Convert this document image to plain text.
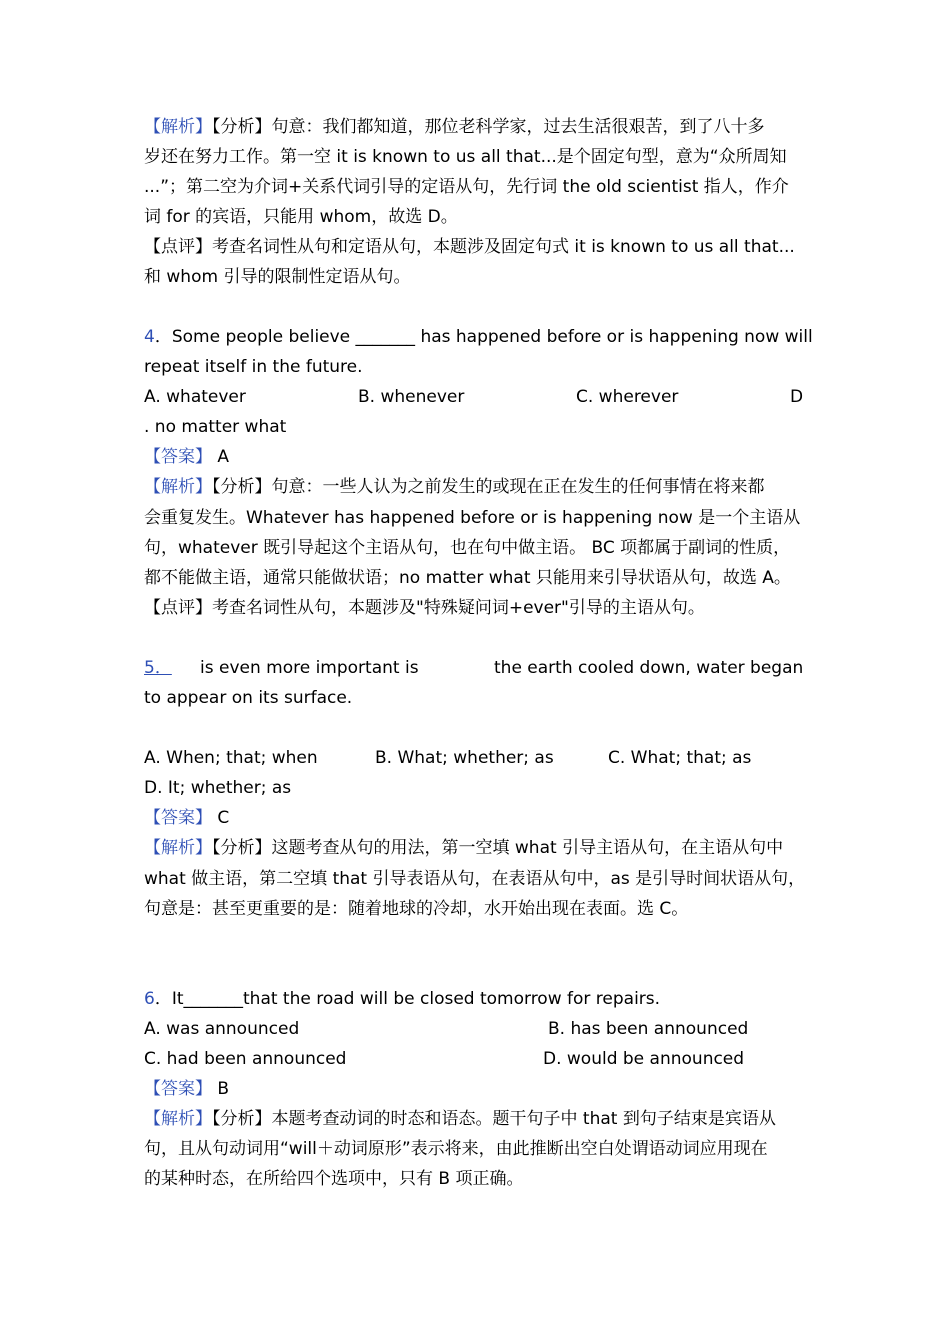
【解析】【分析】句意：我们都知道，那位老科学家，过去生活很艰苦，到了八十多
岁还在努力工作。第一空 it is known to us all that...是个固定句型，意为“众所周知
...”；第二空为介词+关系代词引导的定语从句，先行词 the old scientist 指人，作介
词 for 的宾语，只能用 whom，故选 D。
【点评】考查名词性从句和定语从句，本题涉及固定句式 it is known to us all that...
和 whom 引导的限制性定语从句。
4．Some people believe _______ has happened before or is happening now will
repeat itself in the future.
A. whatever	B. whenever	C. wherever	D
. no matter what
【答案】 A
【解析】【分析】句意：一些人认为之前发生的或现在正在发生的任何事情在将来都
会重复发生。Whatever has happened before or is happening now 是一个主语从
句，whatever 既引导起这个主语从句，也在句中做主语。 BC 项都属于副词的性质，
都不能做主语，通常只能做状语；no matter what 只能用来引导状语从句，故选 A。
【点评】考查名词性从句，本题涉及"特殊疑问词+ever"引导的主语从句。
5． is even more important is	the earth cooled down, water began
to appear on its surface.
A. When; that; when	B. What; whether; as	C. What; that; as
D. It; whether; as
【答案】 C
【解析】【分析】这题考查从句的用法，第一空填 what 引导主语从句，在主语从句中
what 做主语，第二空填 that 引导表语从句，在表语从句中，as 是引导时间状语从句，
句意是：甚至更重要的是：随着地球的冷却，水开始出现在表面。选 C。
6．It_______that the road will be closed tomorrow for repairs.
A. was announced	B. has been announced
C. had been announced	D. would be announced
【答案】 B
【解析】【分析】本题考查动词的时态和语态。题干句子中 that 到句子结束是宾语从
句，且从句动词用“will＋动词原形”表示将来，由此推断出空白处谓语动词应用现在
的某种时态，在所给四个选项中，只有 B 项正确。
